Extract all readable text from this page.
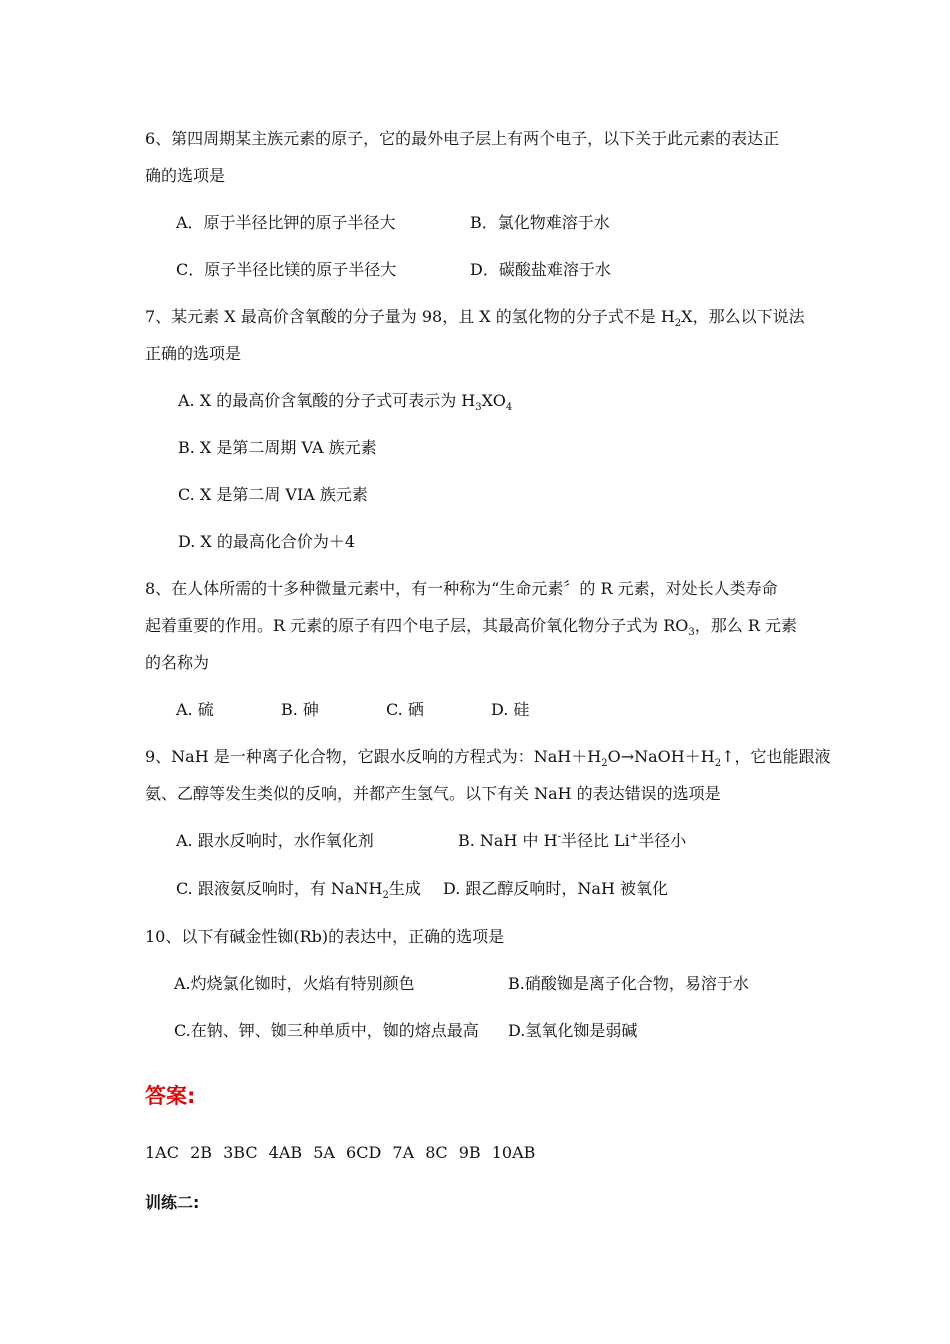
6、第四周期某主族元素的原子，它的最外电子层上有两个电子，以下关于此元素的表达正
确的选项是
A．原于半径比钾的原子半径大	B．氯化物难溶于水
C．原子半径比镁的原子半径大	D．碳酸盐难溶于水
7、某元素 X 最高价含氧酸的分子量为 98，且 X 的氢化物的分子式不是 $H_2X$，那么以下说法
正确的选项是
A. X 的最高价含氧酸的分子式可表示为 $H_3XO_4$
B. X 是第二周期 VA 族元素
C. X 是第二周 VIA 族元素
D. X 的最高化合价为＋4
8、在人体所需的十多种微量元素中，有一种称为“生命元素〞的 R 元素，对处长人类寿命
起着重要的作用。R 元素的原子有四个电子层，其最高价氧化物分子式为 $RO_3$，那么 R 元素
的名称为
A. 硫	B. 砷	C. 硒	D. 硅
9、NaH 是一种离子化合物，它跟水反响的方程式为：$NaH+H_2O\to NaOH+H_2↑$，它也能跟液
氨、乙醇等发生类似的反响，并都产生氢气。以下有关 NaH 的表达错误的选项是
A. 跟水反响时，水作氧化剂	B. NaH 中 H-半径比 Li+半径小
C. 跟液氨反响时，有 NaNH$_2$生成 D. 跟乙醇反响时，NaH 被氧化
10、以下有碱金性铷(Rb)的表达中，正确的选项是
A.灼烧氯化铷时，火焰有特别颜色	B.硝酸铷是离子化合物，易溶于水
C.在钠、钾、铷三种单质中，铷的熔点最高 D.氢氧化铷是弱碱
答案:
1AC 2B 3BC 4AB 5A 6CD 7A 8C 9B 10AB
训练二:
